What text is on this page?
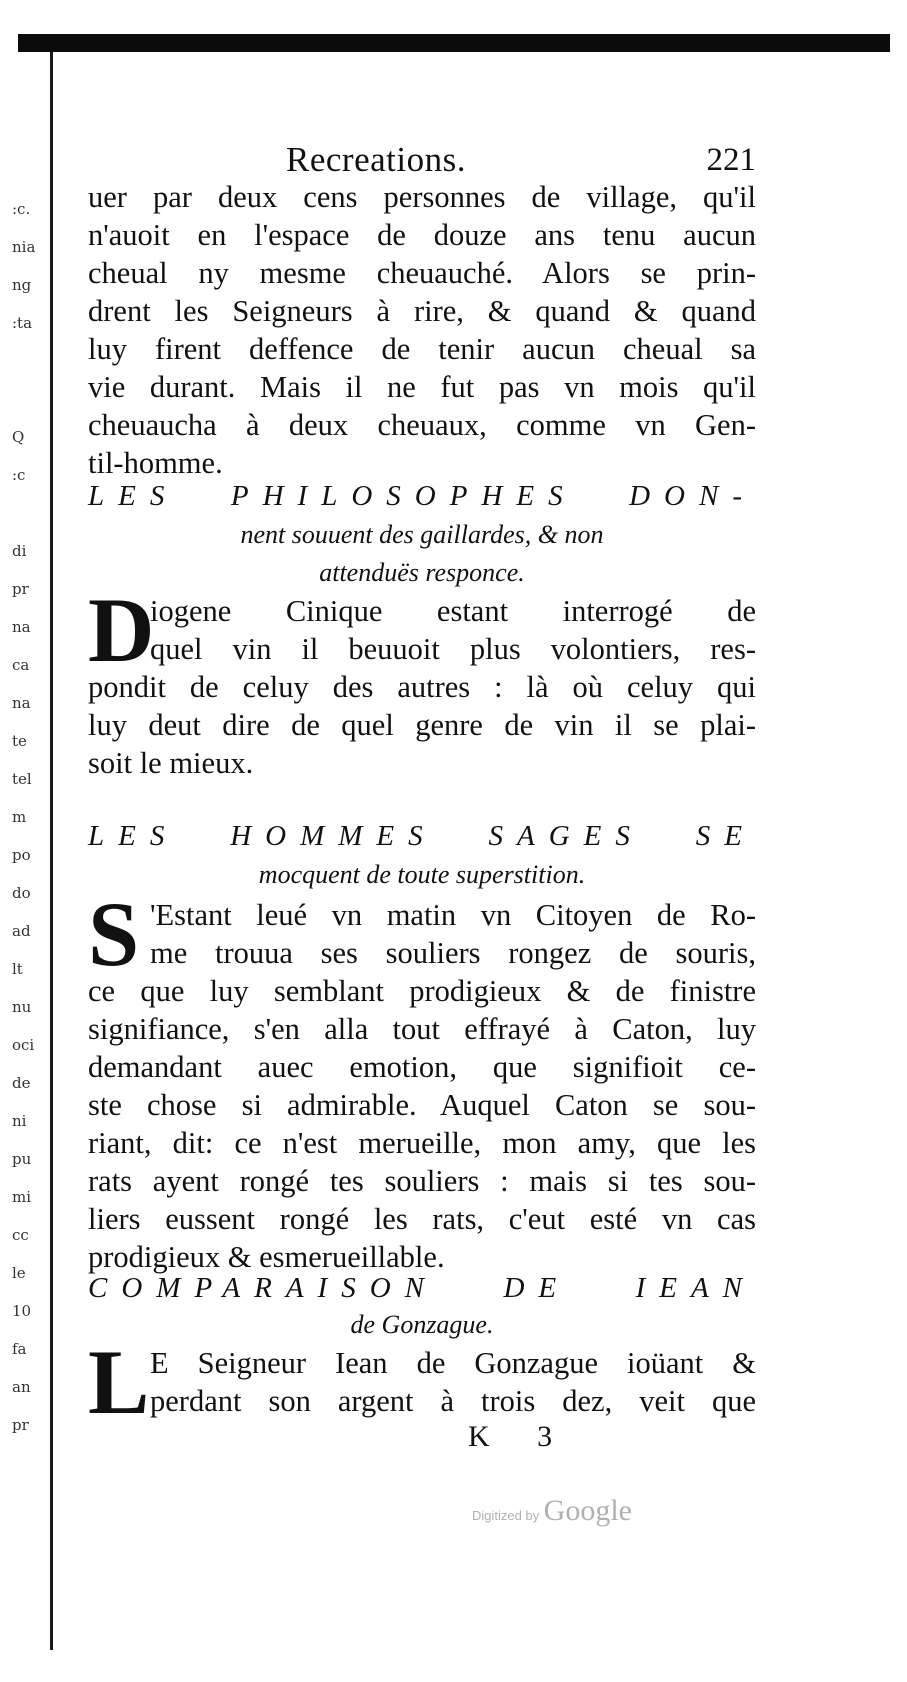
:c.
nia
ng
:ta
Q
:c
di
pr
na
ca
na
te
tel
m
po
do
ad
lt
nu
oci
de
ni
pu
mi
cc
le
10
fa
an
pr
Recreations.	221
uer par deux cens personnes de village, qu'il
n'auoit en l'espace de douze ans tenu aucun
cheual ny mesme cheuauché. Alors se prin-
drent les Seigneurs à rire, & quand & quand
luy firent deffence de tenir aucun cheual sa
vie durant. Mais il ne fut pas vn mois qu'il
cheuaucha à deux cheuaux, comme vn Gen-
til-homme.
LES PHILOSOPHES DON-
nent souuent des gaillardes, & non
attenduës responce.
D
iogene Cinique estant interrogé de
quel vin il beuuoit plus volontiers, res-
pondit de celuy des autres : là où celuy qui
luy deut dire de quel genre de vin il se plai-
soit le mieux.
LES HOMMES SAGES SE
mocquent de toute superstition.
S 'Estant leué vn matin vn Citoyen de Ro-
me trouua ses souliers rongez de souris,
ce que luy semblant prodigieux & de finistre
signifiance, s'en alla tout effrayé à Caton, luy
demandant auec emotion, que signifioit ce-
ste chose si admirable. Auquel Caton se sou-
riant, dit: ce n'est merueille, mon amy, que les
rats ayent rongé tes souliers : mais si tes sou-
liers eussent rongé les rats, c'eut esté vn cas
prodigieux & esmerueillable.
COMPARAISON DE IEAN
de Gonzague.
L E Seigneur Iean de Gonzague ioüant &
perdant son argent à trois dez, veit que
K 3
Digitized by Google
